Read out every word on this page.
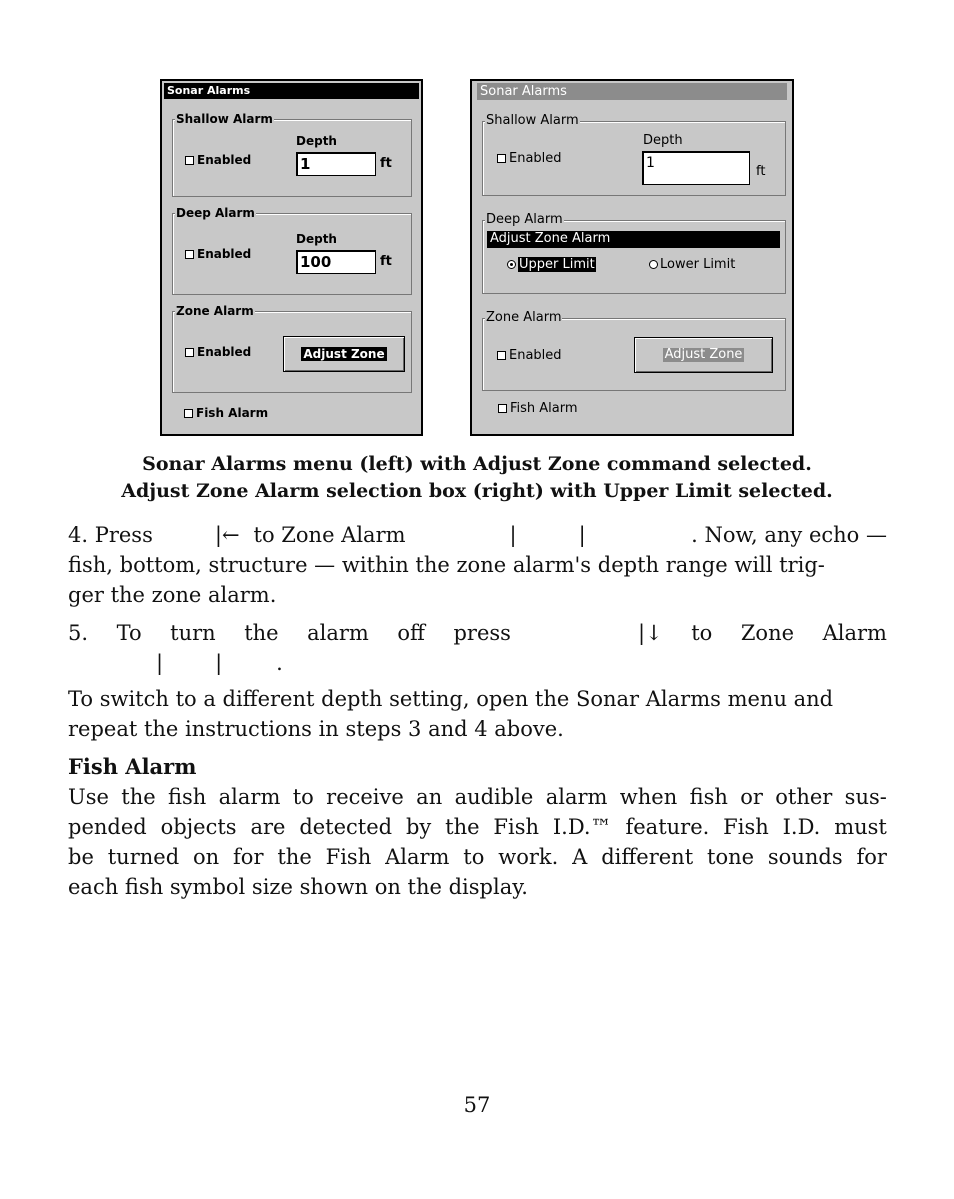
Sonar Alarms
Shallow Alarm
Enabled
Depth
1	ft
Deep Alarm
Enabled
Depth
100	ft
Zone Alarm
Enabled	Adjust Zone
Fish Alarm
Sonar Alarms
Shallow Alarm
Enabled
Depth
1
ft
Deep Alarm
Adjust Zone Alarm
Upper Limit	Lower Limit
Zone Alarm
Enabled	Adjust Zone
Fish Alarm
Sonar Alarms menu (left) with Adjust Zone command selected.
Adjust Zone Alarm selection box (right) with Upper Limit selected.
4. Press	|← to Zone Alarm	|	|	. Now, any echo —
fish, bottom, structure — within the zone alarm's depth range will trig-
ger the zone alarm.
5. To turn the alarm off press	|↓ to Zone Alarm
| |	.
To switch to a different depth setting, open the Sonar Alarms menu and
repeat the instructions in steps 3 and 4 above.
Fish Alarm
Use the fish alarm to receive an audible alarm when fish or other sus-
pended objects are detected by the Fish I.D.™ feature. Fish I.D. must
be turned on for the Fish Alarm to work. A different tone sounds for
each fish symbol size shown on the display.
57
